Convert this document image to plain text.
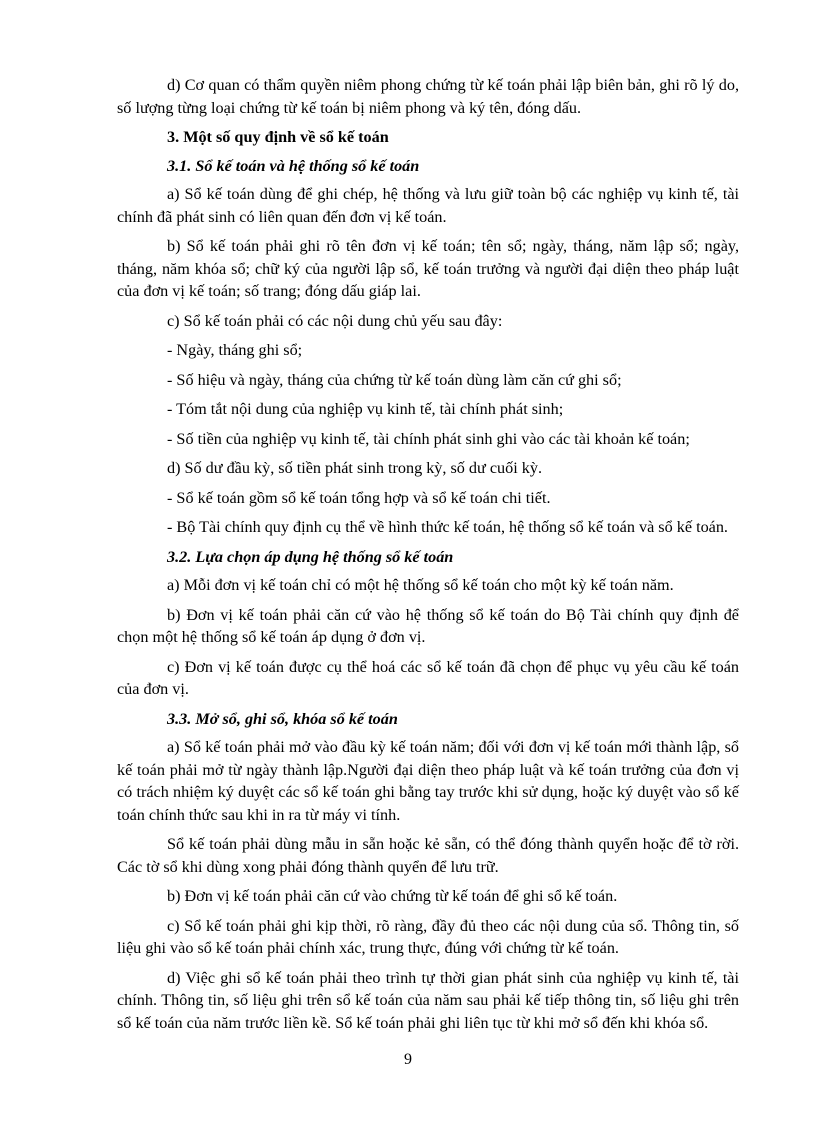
d) Cơ quan có thẩm quyền niêm phong chứng từ kế toán phải lập biên bản, ghi rõ lý do, số lượng từng loại chứng từ kế toán bị niêm phong và ký tên, đóng dấu.

3. Một số quy định về sổ kế toán

3.1. Sổ kế toán và hệ thống sổ kế toán

a) Sổ kế toán dùng để ghi chép, hệ thống và lưu giữ toàn bộ các nghiệp vụ kinh tế, tài chính đã phát sinh có liên quan đến đơn vị kế toán.

b) Sổ kế toán phải ghi rõ tên đơn vị kế toán; tên sổ; ngày, tháng, năm lập sổ; ngày, tháng, năm khóa sổ; chữ ký của người lập sổ, kế toán trưởng và người đại diện theo pháp luật của đơn vị kế toán; số trang; đóng dấu giáp lai.

c) Sổ kế toán phải có các nội dung chủ yếu sau đây:

- Ngày, tháng ghi sổ;

- Số hiệu và ngày, tháng của chứng từ kế toán dùng làm căn cứ ghi sổ;

- Tóm tắt nội dung của nghiệp vụ kinh tế, tài chính phát sinh;

- Số tiền của nghiệp vụ kinh tế, tài chính phát sinh ghi vào các tài khoản kế toán;

d) Số dư đầu kỳ, số tiền phát sinh trong kỳ, số dư cuối kỳ.

- Sổ kế toán gồm sổ kế toán tổng hợp và sổ kế toán chi tiết.

- Bộ Tài chính quy định cụ thể về hình thức kế toán, hệ thống sổ kế toán và sổ kế toán.

3.2. Lựa chọn áp dụng hệ thống sổ kế toán

a) Mỗi đơn vị kế toán chỉ có một hệ thống sổ kế toán cho một kỳ kế toán năm.

b) Đơn vị kế toán phải căn cứ vào hệ thống sổ kế toán do Bộ Tài chính quy định để chọn một hệ thống sổ kế toán áp dụng ở đơn vị.

c) Đơn vị kế toán được cụ thể hoá các sổ kế toán đã chọn để phục vụ yêu cầu kế toán của đơn vị.

3.3. Mở sổ, ghi sổ, khóa sổ kế toán

a) Sổ kế toán phải mở vào đầu kỳ kế toán năm; đối với đơn vị kế toán mới thành lập, sổ kế toán phải mở từ ngày thành lập.Người đại diện theo pháp luật và kế toán trưởng của đơn vị có trách nhiệm ký duyệt các sổ kế toán ghi bằng tay trước khi sử dụng, hoặc ký duyệt vào sổ kế toán chính thức sau khi in ra từ máy vi tính.

Sổ kế toán phải dùng mẫu in sẵn hoặc kẻ sẵn, có thể đóng thành quyển hoặc để tờ rời. Các tờ sổ khi dùng xong phải đóng thành quyển để lưu trữ.

b) Đơn vị kế toán phải căn cứ vào chứng từ kế toán để ghi sổ kế toán.

c) Sổ kế toán phải ghi kịp thời, rõ ràng, đầy đủ theo các nội dung của sổ. Thông tin, số liệu ghi vào sổ kế toán phải chính xác, trung thực, đúng với chứng từ kế toán.

d) Việc ghi sổ kế toán phải theo trình tự thời gian phát sinh của nghiệp vụ kinh tế, tài chính. Thông tin, số liệu ghi trên sổ kế toán của năm sau phải kế tiếp thông tin, số liệu ghi trên sổ kế toán của năm trước liền kề. Sổ kế toán phải ghi liên tục từ khi mở sổ đến khi khóa sổ.

9
